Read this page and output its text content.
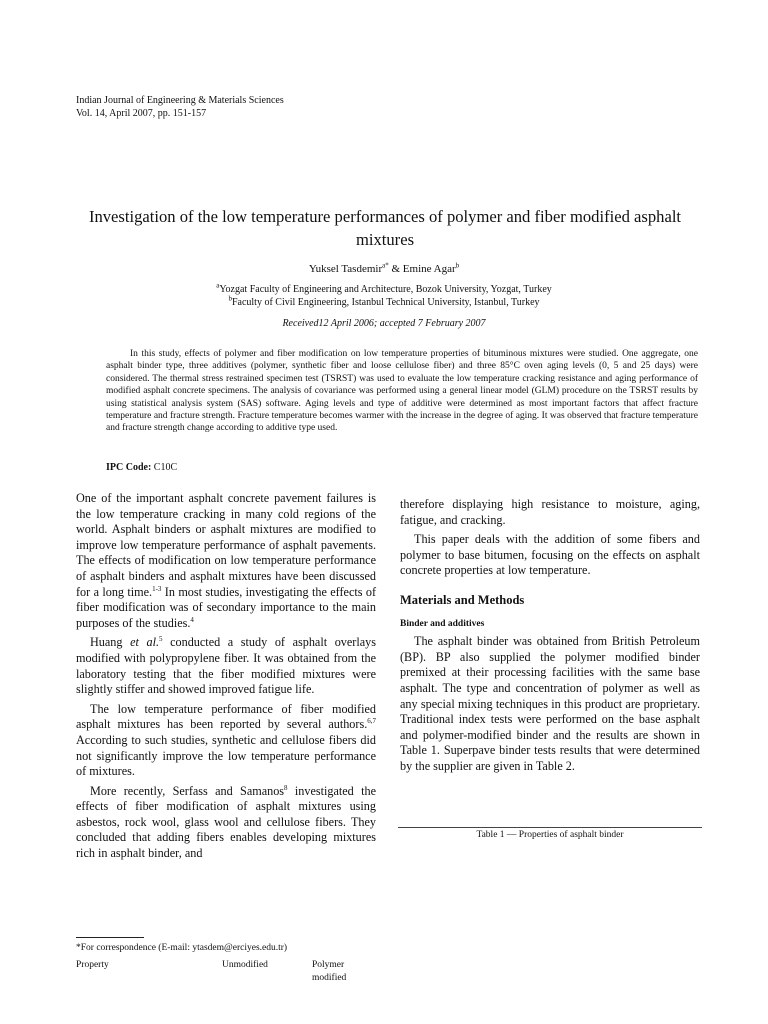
Indian Journal of Engineering & Materials Sciences
Vol. 14, April 2007, pp. 151-157
Investigation of the low temperature performances of polymer and fiber modified asphalt mixtures
Yuksel Tasdemir$^{a*}$ & Emine Agar$^b$
$^a$Yozgat Faculty of Engineering and Architecture, Bozok University, Yozgat, Turkey
$^b$Faculty of Civil Engineering, Istanbul Technical University, Istanbul, Turkey
Received12 April 2006; accepted 7 February 2007

In this study, effects of polymer and fiber modification on low temperature properties of bituminous mixtures were studied. One aggregate, one asphalt binder type, three additives (polymer, synthetic fiber and loose cellulose fiber) and three 85°C oven aging levels (0, 5 and 25 days) were considered. The thermal stress restrained specimen test (TSRST) was used to evaluate the low temperature cracking resistance and aging performance of modified asphalt concrete specimens. The analysis of covariance was performed using a general linear model (GLM) procedure on the TSRST results by using statistical analysis system (SAS) software. Aging levels and type of additive were determined as most important factors that affect fracture temperature and fracture strength. Fracture temperature becomes warmer with the increase in the degree of aging. It was observed that fracture temperature and fracture strength change according to additive type used.

IPC Code: C10C

One of the important asphalt concrete pavement failures is the low temperature cracking in many cold regions of the world. Asphalt binders or asphalt mixtures are modified to improve low temperature performance of asphalt pavements. The effects of modification on low temperature performance of asphalt binders and asphalt mixtures have been discussed for a long time.$^{1-3}$ In most studies, investigating the effects of fiber modification was of secondary importance to the main purposes of the studies.$^4$

Huang et al.$^5$ conducted a study of asphalt overlays modified with polypropylene fiber. It was obtained from the laboratory testing that the fiber modified mixtures were slightly stiffer and showed improved fatigue life.

The low temperature performance of fiber modified asphalt mixtures has been reported by several authors.$^{6,7}$ According to such studies, synthetic and cellulose fibers did not significantly improve the low temperature performance of mixtures.

More recently, Serfass and Samanos$^8$ investigated the effects of fiber modification of asphalt mixtures using asbestos, rock wool, glass wool and cellulose fibers. They concluded that adding fibers enables developing mixtures rich in asphalt binder, and

therefore displaying high resistance to moisture, aging, fatigue, and cracking.

This paper deals with the addition of some fibers and polymer to base bitumen, focusing on the effects on asphalt concrete properties at low temperature.

Materials and Methods
Binder and additives

The asphalt binder was obtained from British Petroleum (BP). BP also supplied the polymer modified binder premixed at their processing facilities with the same base asphalt. The type and concentration of polymer as well as any special mixing techniques in this product are proprietary. Traditional index tests were performed on the base asphalt and polymer-modified binder and the results are shown in Table 1. Superpave binder tests results that were determined by the supplier are given in Table 2.

Table 1 — Properties of asphalt binder
*For correspondence (E-mail: ytasdem@erciyes.edu.tr)
Property	Unmodified	Polymer modified
